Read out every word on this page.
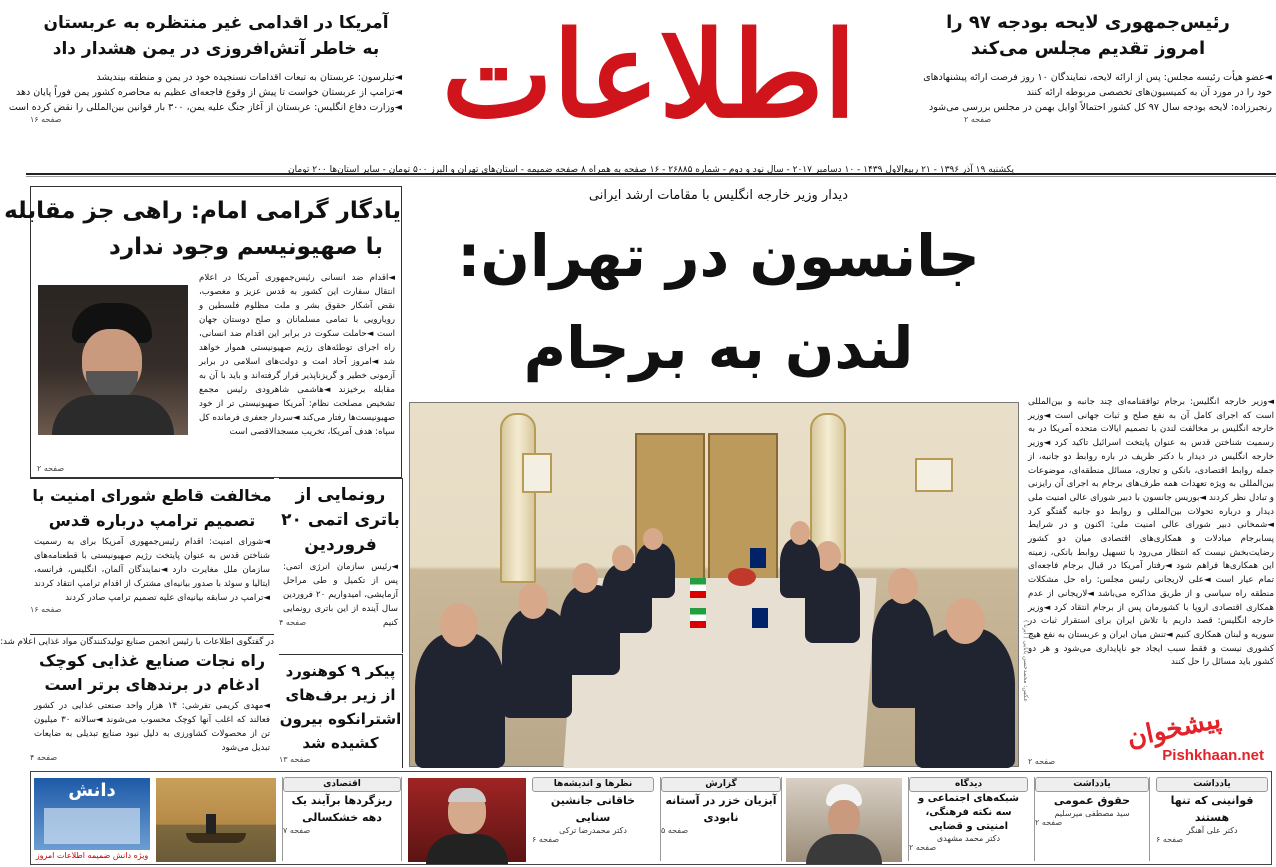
اطلاعات	رئیس‌جمهوری لایحه بودجه ۹۷ را
امروز تقدیم مجلس می‌کند
◄عضو هیأت رئیسه مجلس: پس از ارائه لایحه، نمایندگان ۱۰ روز فرصت ارائه پیشنهادهای
خود را در مورد آن به کمیسیون‌های تخصصی مربوطه ارائه کنند
رنجبرزاده: لایحه بودجه سال ۹۷ کل کشور احتمالاً اوایل بهمن در مجلس بررسی می‌شود
صفحه ۲
آمریکا در اقدامی غیر منتظره به عربستان
به خاطر آتش‌افروزی در یمن هشدار داد
◄تیلرسون: عربستان به تبعات اقدامات نسنجیده خود در یمن و منطقه بیندیشد
◄ترامپ از عربستان خواست تا پیش از وقوع فاجعه‌ای عظیم به محاصره کشور یمن فوراً پایان دهد
◄وزارت دفاع انگلیس: عربستان از آغاز جنگ علیه یمن، ۳۰۰ بار قوانین بین‌المللی را نقض کرده است
صفحه ۱۶
یکشنبه ۱۹ آذر ۱۳۹۶ - ۲۱ ربیع‌الاول ۱۴۳۹ - ۱۰ دسامبر ۲۰۱۷ - سال نود و دوم - شماره ۲۶۸۸۵ - ۱۶ صفحه به همراه ۸ صفحه ضمیمه - استان‌های تهران و البرز ۵۰۰ تومان - سایر استان‌ها ۲۰۰ تومان
دیدار وزیر خارجه انگلیس با مقامات ارشد ایرانی
جانسون در تهران: لندن به برجام
عکس: محمدحسن بابایی ( ایرنا )
◄وزیر خارجه انگلیس: برجام توافقنامه‌ای چند جانبه و بین‌المللی است که اجرای کامل آن به نفع صلح و ثبات جهانی است ◄وزیر خارجه انگلیس بر مخالفت لندن با تصمیم ایالات متحده آمریکا در به رسمیت شناختن قدس به عنوان پایتخت اسرائیل تاکید کرد ◄وزیر خارجه انگلیس در دیدار با دکتر ظریف در باره روابط دو جانبه، از جمله روابط اقتصادی، بانکی و تجاری، مسائل منطقه‌ای، موضوعات بین‌المللی به ویژه تعهدات همه طرف‌های برجام به اجرای آن رایزنی و تبادل نظر کردند ◄بوریس جانسون با دبیر شورای عالی امنیت ملی دیدار و درباره تحولات بین‌المللی و روابط دو جانبه گفتگو کرد ◄شمخانی دبیر شورای عالی امنیت ملی: اکنون و در شرایط پسابرجام مبادلات و همکاری‌های اقتصادی میان دو کشور رضایت‌بخش نیست که انتظار می‌رود با تسهیل روابط بانکی، زمینه این همکاری‌ها فراهم شود ◄رفتار آمریکا در قبال برجام فاجعه‌ای تمام عیار است ◄علی لاریجانی رئیس مجلس: راه حل مشکلات منطقه راه سیاسی و از طریق مذاکره می‌باشد ◄لاریجانی از عدم همکاری اقتصادی اروپا با کشورمان پس از برجام انتقاد کرد ◄وزیر خارجه انگلیس: قصد داریم با تلاش ایران برای استقرار ثبات در سوریه و لبنان همکاری کنیم ◄تنش میان ایران و عربستان به نفع هیچ کشوری نیست و فقط سبب ایجاد جو ناپایداری می‌شود و هر دو کشور باید مسائل را حل کنند
صفحه ۲
یادگار گرامی امام: راهی جز مقابله
با صهیونیسم وجود ندارد
◄اقدام ضد انسانی رئیس‌جمهوری آمریکا در اعلام انتقال سفارت این کشور به قدس عزیز و مغصوب، نقض آشکار حقوق بشر و ملت مظلوم فلسطین و رویارویی با تمامی مسلمانان و صلح دوستان جهان است ◄حاملت سکوت در برابر این اقدام ضد انسانی، راه اجرای توطئه‌های رژیم صهیونیستی هموار خواهد شد ◄امروز آحاد امت و دولت‌های اسلامی در برابر آزمونی خطیر و گریزناپذیر قرار گرفته‌اند و باید با آن به مقابله برخیزند ◄هاشمی شاهرودی رئیس مجمع تشخیص مصلحت نظام: آمریکا صهیونیستی تر از خود صهیونیست‌ها رفتار می‌کند ◄سردار جعفری فرمانده کل سپاه: هدف آمریکا، تخریب مسجدالاقصی است
صفحه ۲
مخالفت قاطع شورای امنیت با تصمیم ترامپ درباره قدس
◄شورای امنیت: اقدام رئیس‌جمهوری آمریکا برای به رسمیت شناختن قدس به عنوان پایتخت رژیم صهیونیستی با قطعنامه‌های سازمان ملل مغایرت دارد ◄نمایندگان آلمان، انگلیس، فرانسه، ایتالیا و سوئد با صدور بیانیه‌ای مشترک از اقدام ترامپ انتقاد کردند ◄ترامپ در سابقه بیانیه‌ای علیه تصمیم ترامپ صادر کردند
صفحه ۱۶
در گفتگوی اطلاعات با رئیس انجمن صنایع تولیدکنندگان مواد غذایی اعلام شد:
راه نجات صنایع غذایی کوچک ادغام در برندهای برتر است
◄مهدی کریمی تفرشی: ۱۴ هزار واحد صنعتی غذایی در کشور فعالند که اغلب آنها کوچک محسوب می‌شوند ◄سالانه ۳۰ میلیون تن از محصولات کشاورزی به دلیل نبود صنایع تبدیلی به ضایعات تبدیل می‌شود
صفحه ۴
رونمایی از باتری اتمی ۲۰ فروردین
◄رئیس سازمان انرژی اتمی: پس از تکمیل و طی مراحل آزمایشی، امیدواریم ۲۰ فروردین سال آینده از این باتری رونمایی کنیم
صفحه ۴
پیکر ۹ کوهنورد از زیر برف‌های اشترانکوه بیرون کشیده شد
صفحه ۱۳
پیشخوان
Pishkhaan.net
یادداشت
قوانینی که تنها هستند
دکتر علی آهنگر
صفحه ۶
یادداشت
حقوق عمومی
سید مصطفی میرسلیم
صفحه ۲
دیدگاه
شبکه‌های اجتماعی و سه نکته فرهنگی، امنیتی و قضایی
دکتر محمد مشهدی
صفحه ۲
گزارش
آبزیان خزر در آستانه نابودی
صفحه ۵
نظرها و اندیشه‌ها
خاقانی جانشین سنایی
دکتر محمدرضا ترکی
صفحه ۶
اقتصادی
ریزگردها برآیند یک دهه خشکسالی
صفحه ۷
دانش
ویژه دانش ضمیمه اطلاعات امروز
